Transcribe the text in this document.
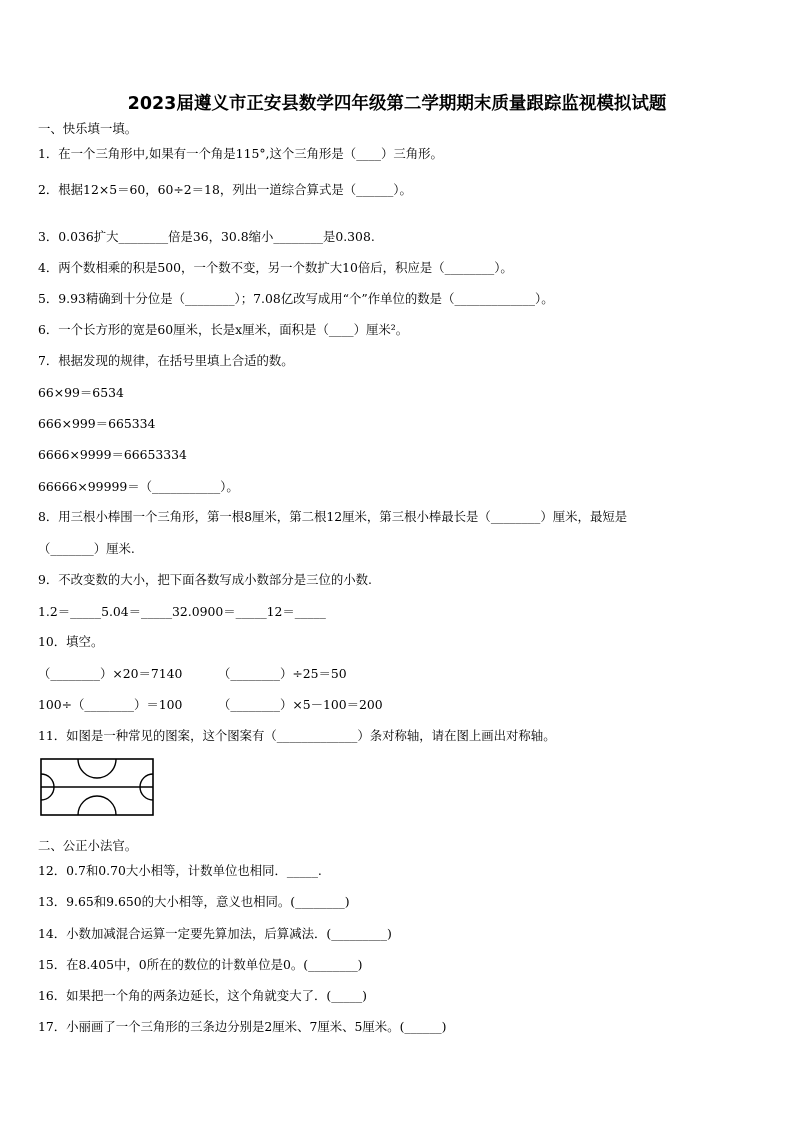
2023届遵义市正安县数学四年级第二学期期末质量跟踪监视模拟试题
一、快乐填一填。
1．在一个三角形中,如果有一个角是115°,这个三角形是（____）三角形。
2．根据12×5＝60，60÷2＝18，列出一道综合算式是（______）。
3．0.036扩大________倍是36，30.8缩小________是0.308.
4．两个数相乘的积是500，一个数不变，另一个数扩大10倍后，积应是（________）。
5．9.93精确到十分位是（________）；7.08亿改写成用“个”作单位的数是（_____________）。
6．一个长方形的宽是60厘米，长是x厘米，面积是（____）厘米²。
7．根据发现的规律，在括号里填上合适的数。
66×99＝6534
666×999＝665334
6666×9999＝66653334
66666×99999＝（___________）。
8．用三根小棒围一个三角形，第一根8厘米，第二根12厘米，第三根小棒最长是（________）厘米，最短是
（_______）厘米.
9．不改变数的大小，把下面各数写成小数部分是三位的小数.
1.2＝_____5.04＝_____32.0900＝_____12＝_____
10．填空。
（________）×20＝7140	（________）÷25＝50
100÷（________）＝100	（________）×5－100＝200
11．如图是一种常见的图案，这个图案有（_____________）条对称轴，请在图上画出对称轴。
二、公正小法官。
12．0.7和0.70大小相等，计数单位也相同．_____.
13．9.65和9.650的大小相等，意义也相同。(________)
14．小数加减混合运算一定要先算加法，后算减法．(_________)
15．在8.405中，0所在的数位的计数单位是0。(________)
16．如果把一个角的两条边延长，这个角就变大了．(_____)
17．小丽画了一个三角形的三条边分别是2厘米、7厘米、5厘米。(______)
